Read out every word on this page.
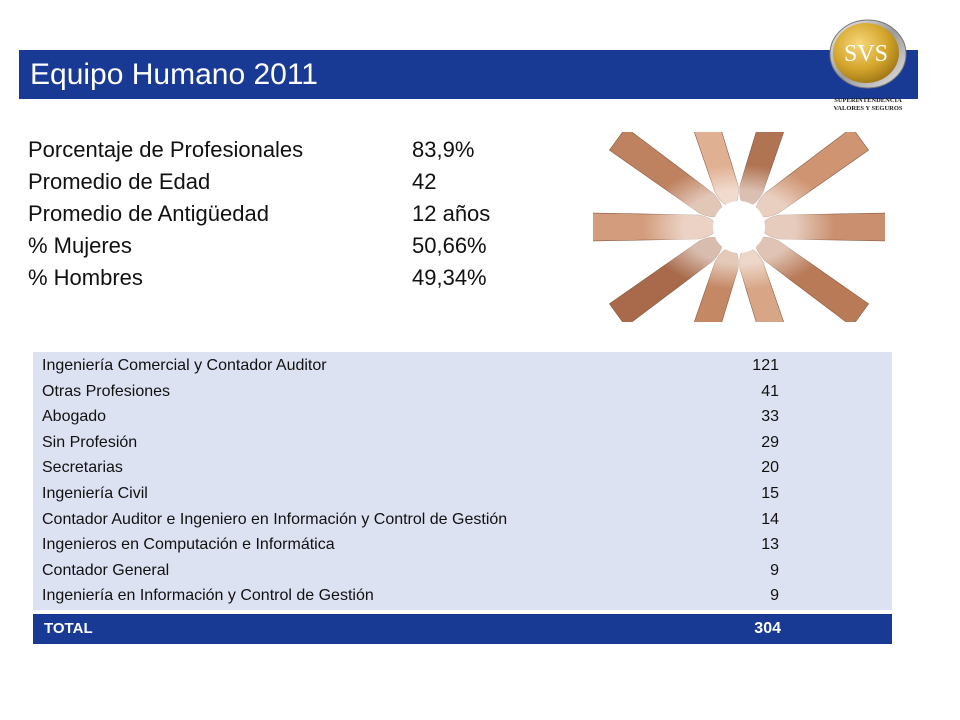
Equipo Humano 2011
SVS
SUPERINTENDENCIA
VALORES Y SEGUROS
Porcentaje de Profesionales	83,9%
Promedio de Edad	42
Promedio de Antigüedad	12 años
% Mujeres	50,66%
% Hombres	49,34%
Ingeniería Comercial y Contador Auditor	121
Otras Profesiones	41
Abogado	33
Sin Profesión	29
Secretarias	20
Ingeniería Civil	15
Contador Auditor e Ingeniero en Información y Control de Gestión	14
Ingenieros en Computación e Informática	13
Contador General	9
Ingeniería en Información y Control de Gestión	9
TOTAL	304
